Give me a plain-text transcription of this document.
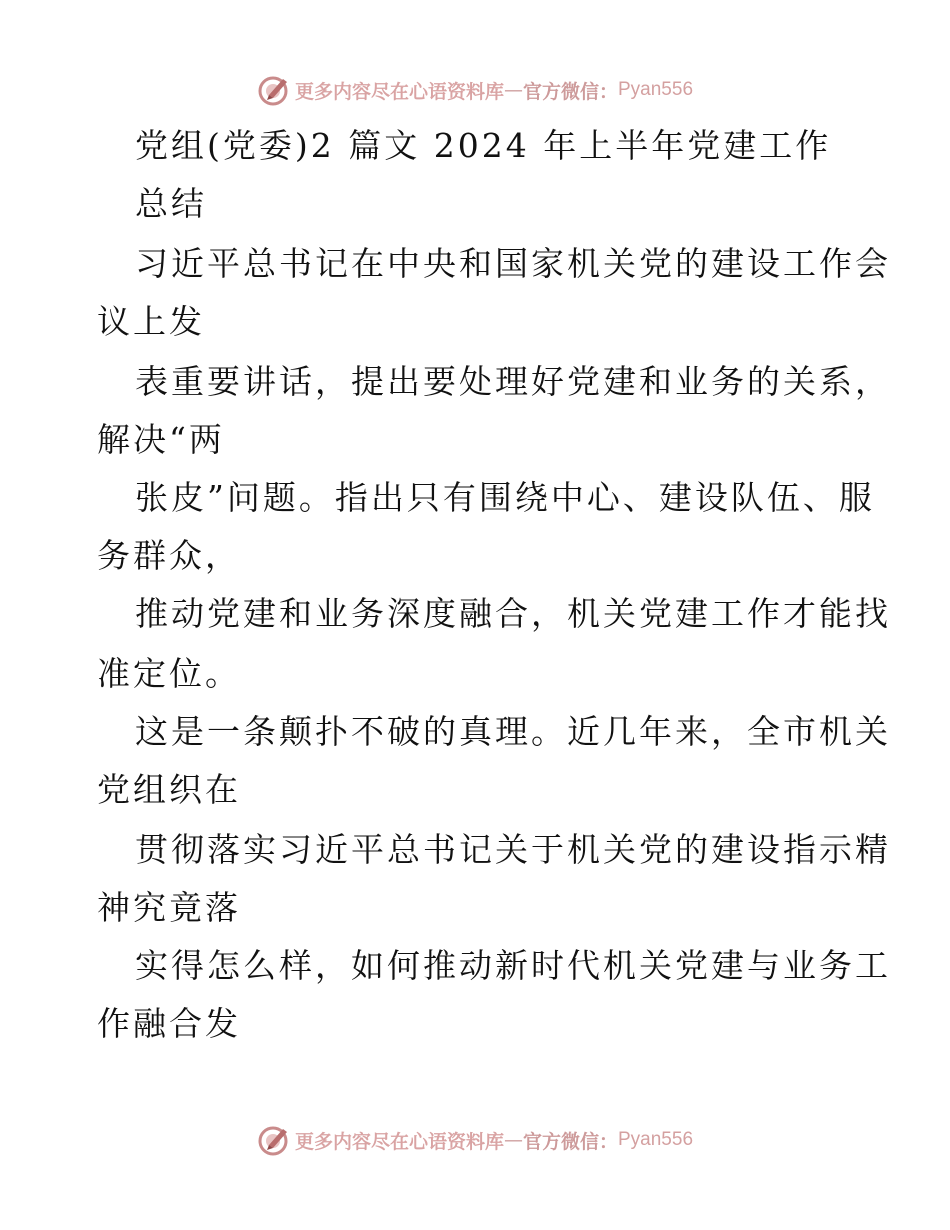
更多内容尽在心语资料库 — 官方微信： Pyan556
党组(党委)2 篇文 2024 年上半年党建工作
总结
习近平总书记在中央和国家机关党的建设工作会
议上发
表重要讲话，提出要处理好党建和业务的关系，
解决“两
张皮”问题。指出只有围绕中心、建设队伍、服
务群众，
推动党建和业务深度融合，机关党建工作才能找
准定位。
这是一条颠扑不破的真理。近几年来，全市机关
党组织在
贯彻落实习近平总书记关于机关党的建设指示精
神究竟落
实得怎么样，如何推动新时代机关党建与业务工
作融合发
更多内容尽在心语资料库 — 官方微信： Pyan556
